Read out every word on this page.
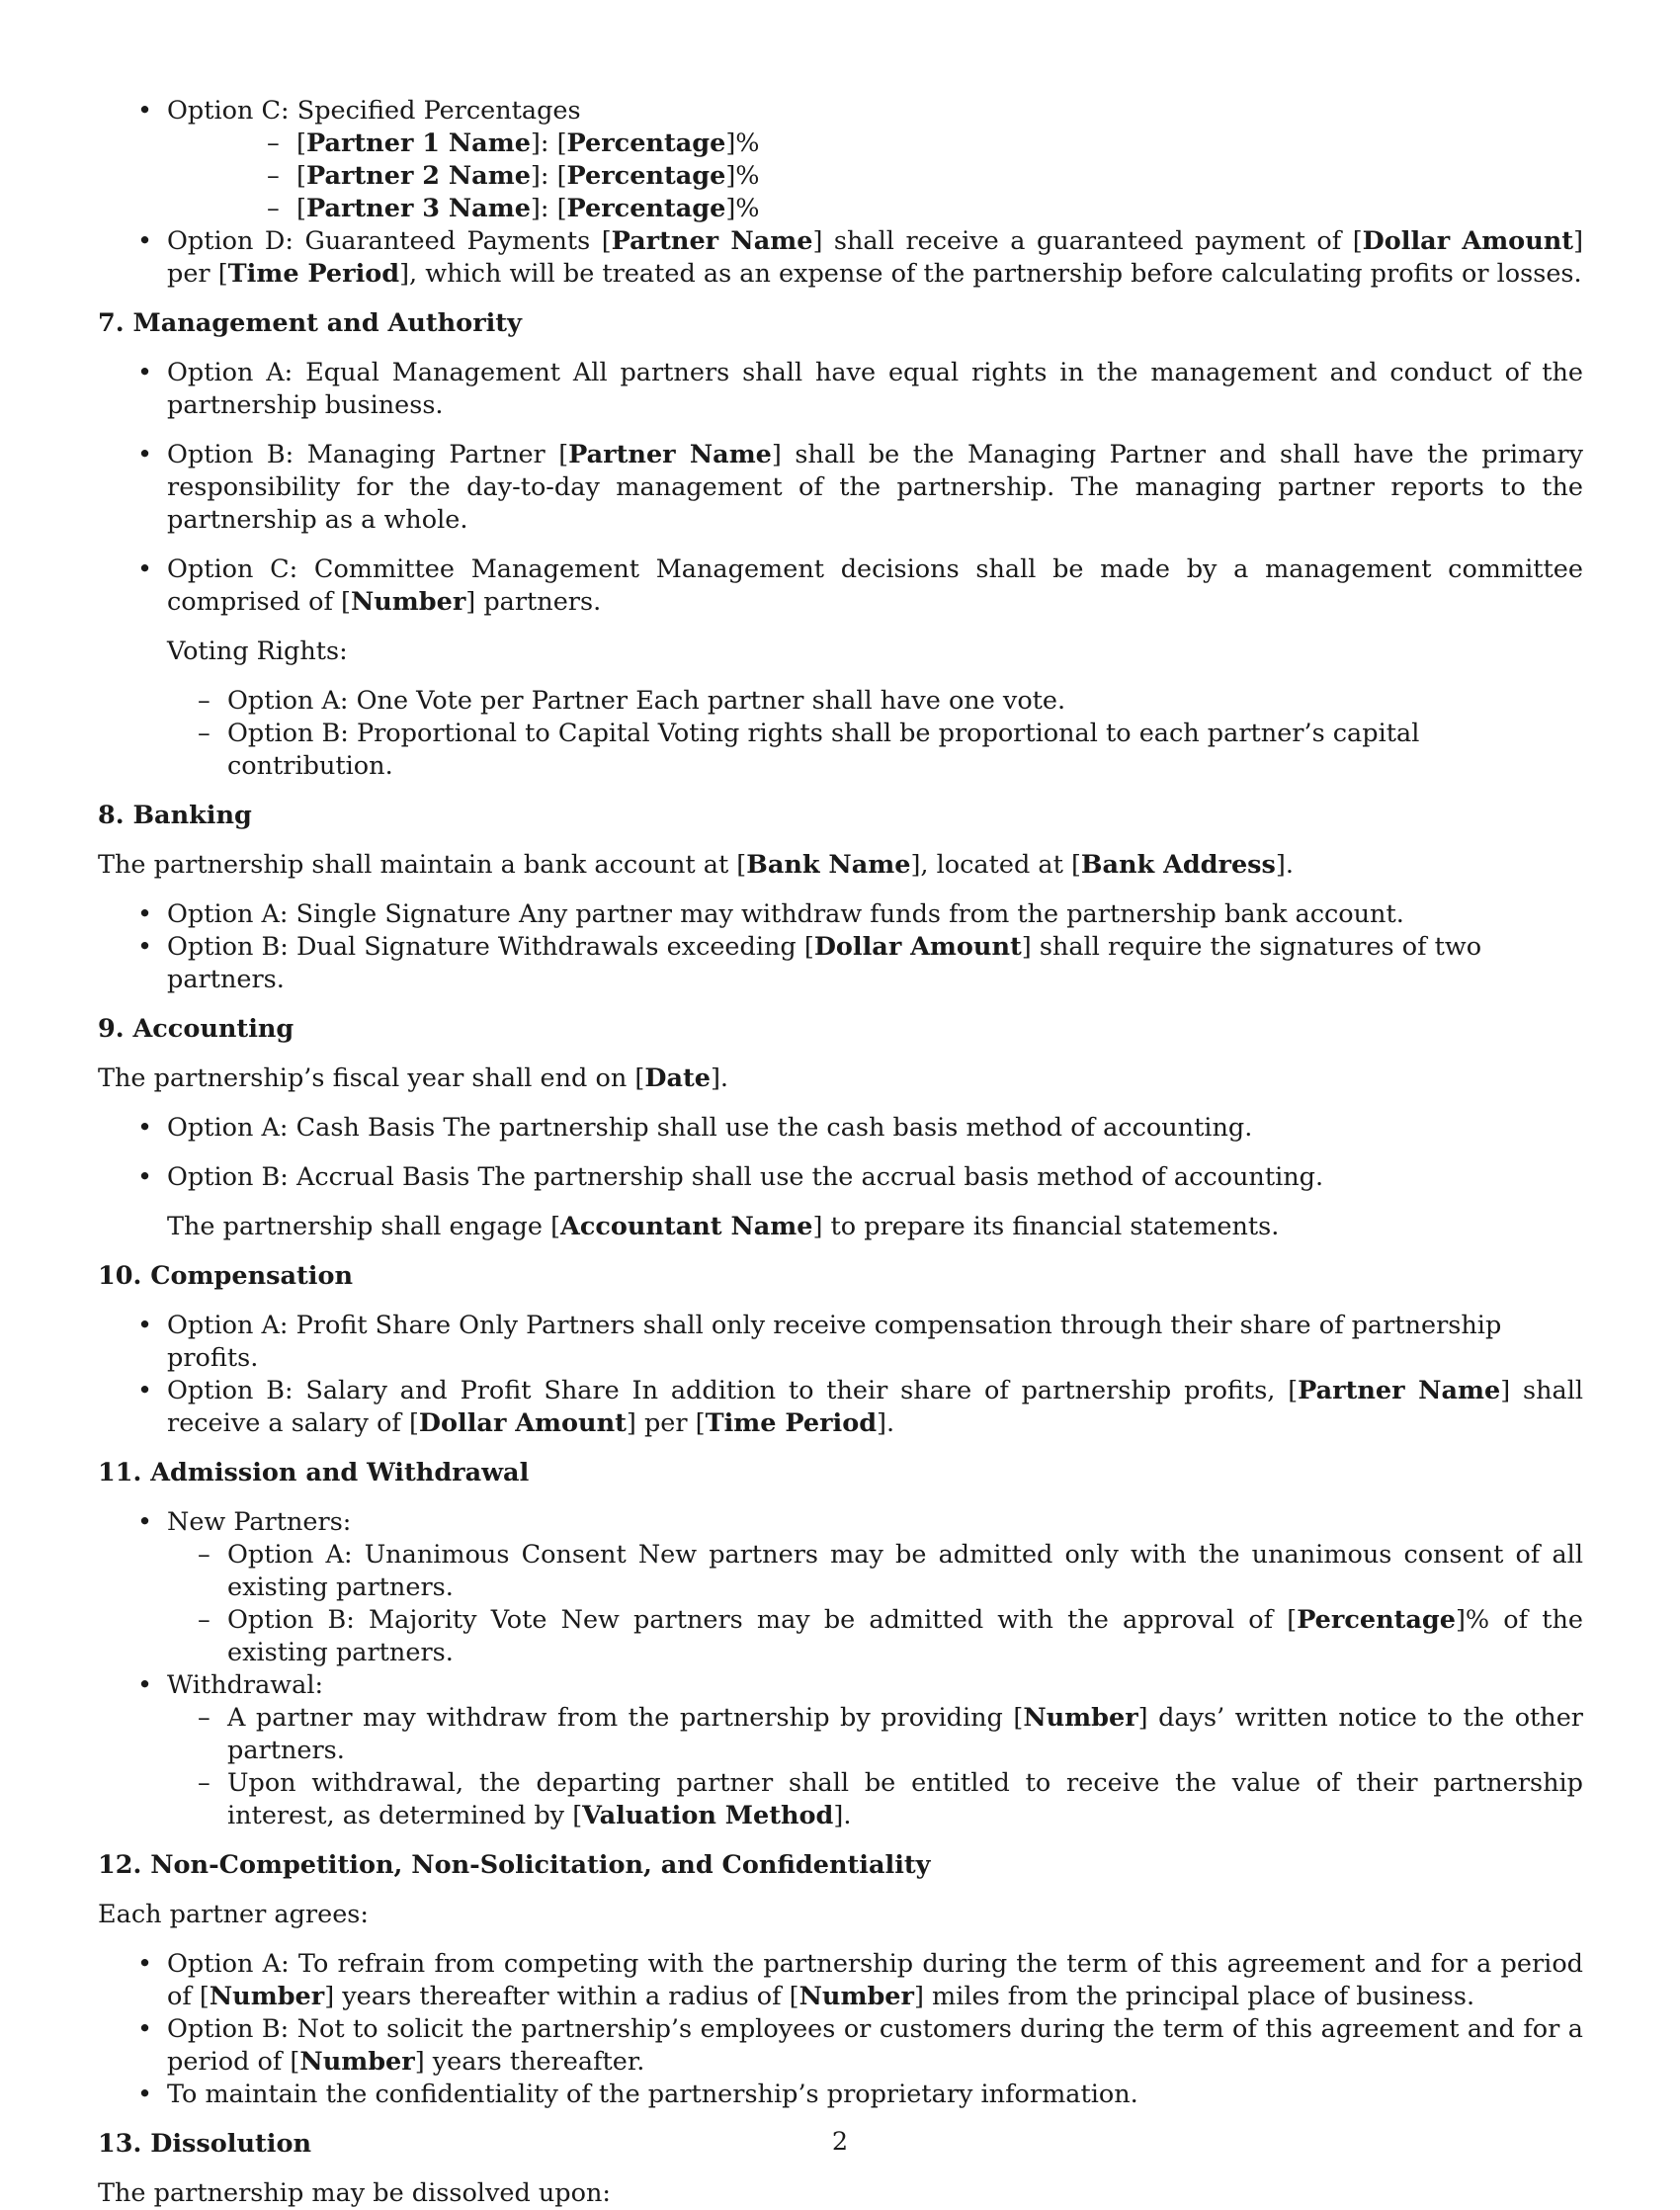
• Option C: Specified Percentages
– [Partner 1 Name]: [Percentage]%
– [Partner 2 Name]: [Percentage]%
– [Partner 3 Name]: [Percentage]%
• Option D: Guaranteed Payments [Partner Name] shall receive a guaranteed payment of [Dollar Amount] per [Time Period], which will be treated as an expense of the partnership before calculating profits or losses.
7. Management and Authority
• Option A: Equal Management All partners shall have equal rights in the management and conduct of the partnership business.
• Option B: Managing Partner [Partner Name] shall be the Managing Partner and shall have the primary responsibility for the day-to-day management of the partnership. The managing partner reports to the partnership as a whole.
• Option C: Committee Management Management decisions shall be made by a management committee comprised of [Number] partners.
Voting Rights:
– Option A: One Vote per Partner Each partner shall have one vote.
– Option B: Proportional to Capital Voting rights shall be proportional to each partner’s capital contribution.
8. Banking

The partnership shall maintain a bank account at [Bank Name], located at [Bank Address].

• Option A: Single Signature Any partner may withdraw funds from the partnership bank account.
• Option B: Dual Signature Withdrawals exceeding [Dollar Amount] shall require the signatures of two partners.
9. Accounting

The partnership’s fiscal year shall end on [Date].

• Option A: Cash Basis The partnership shall use the cash basis method of accounting.
• Option B: Accrual Basis The partnership shall use the accrual basis method of accounting.

The partnership shall engage [Accountant Name] to prepare its financial statements.

10. Compensation
• Option A: Profit Share Only Partners shall only receive compensation through their share of partnership profits.
• Option B: Salary and Profit Share In addition to their share of partnership profits, [Partner Name] shall receive a salary of [Dollar Amount] per [Time Period].
11. Admission and Withdrawal
• New Partners:
– Option A: Unanimous Consent New partners may be admitted only with the unanimous consent of all existing partners.
– Option B: Majority Vote New partners may be admitted with the approval of [Percentage]% of the existing partners.
• Withdrawal:
– A partner may withdraw from the partnership by providing [Number] days’ written notice to the other partners.
– Upon withdrawal, the departing partner shall be entitled to receive the value of their partnership interest, as determined by [Valuation Method].
12. Non-Competition, Non-Solicitation, and Confidentiality

Each partner agrees:

• Option A: To refrain from competing with the partnership during the term of this agreement and for a period of [Number] years thereafter within a radius of [Number] miles from the principal place of business.
• Option B: Not to solicit the partnership’s employees or customers during the term of this agreement and for a period of [Number] years thereafter.
• To maintain the confidentiality of the partnership’s proprietary information.
13. Dissolution

The partnership may be dissolved upon:

2
